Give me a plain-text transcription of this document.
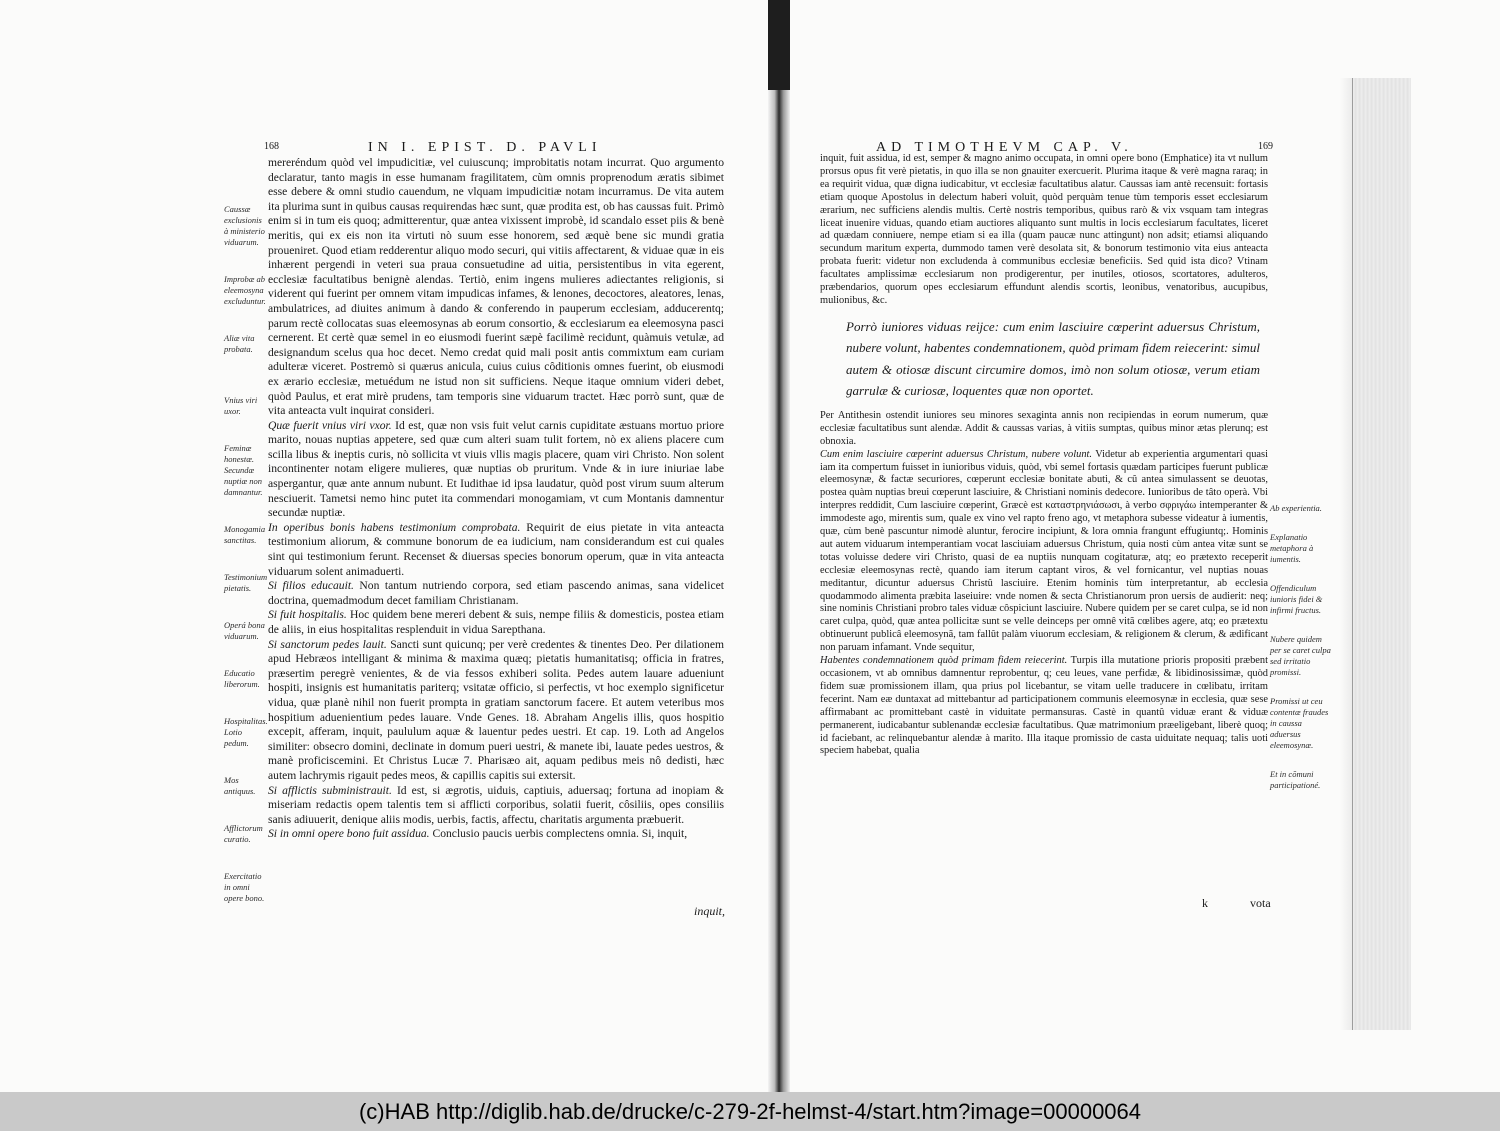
168	IN I. EPIST. D. PAVLI

Caussæ exclusionis à ministerio viduarum.

Improbæ ab eleemosyna excluduntur.

Aliæ vita probata.

Vnius viri uxor.

Feminæ honestæ. Secundæ nuptiæ non damnantur.

Monogamia sanctitas.

Testimonium pietatis.

Operá bona viduarum.

Educatio liberorum.

Hospitalitas. Lotio pedum.

Mos antiquus.

Afflictorum curatio.

Exercitatio in omni opere bono.

mereréndum quòd vel impudicitiæ, vel cuiuscunq; improbitatis notam incurrat. Quo argumento declaratur, tanto magis in esse humanam fragilitatem, cùm omnis proprenodum æratis sibimet esse debere & omni studio cauendum, ne vlquam impudicitiæ notam incurramus. De vita autem ita plurima sunt in quibus causas requirendas hæc sunt, quæ prodita est, ob has caussas fuit. Primò enim si in tum eis quoq; admitterentur, quæ antea vixissent improbè, id scandalo esset piis & benè meritis, qui ex eis non ita virtuti nò suum esse honorem, sed æquè bene sic mundi gratia proueniret. Quod etiam redderentur aliquo modo securi, qui vitiis affectarent, & viduae quæ in eis inhærent pergendi in veteri sua praua consuetudine ad uitia, persistentibus in vita egerent, ecclesiæ facultatibus benignè alendas. Tertiò, enim ingens mulieres adiectantes religionis, si viderent qui fuerint per omnem vitam impudicas infames, & lenones, decoctores, aleatores, lenas, ambulatrices, ad diuites animum à dando & conferendo in pauperum ecclesiam, adducerentq; parum rectè collocatas suas eleemosynas ab eorum consortio, & ecclesiarum ea eleemosyna pasci cernerent. Et certè quæ semel in eo eiusmodi fuerint sæpè facilimè recidunt, quàmuis vetulæ, ad designandum scelus qua hoc decet. Nemo credat quid mali posit antis commixtum eam curiam adulteræ viceret. Postremò si quærus anicula, cuius cuius côditionis omnes fuerint, ob eiusmodi ex ærario ecclesiæ, metuédum ne istud non sit sufficiens. Neque itaque omnium videri debet, quòd Paulus, et erat mirè prudens, tam temporis sine viduarum tractet. Hæc porrò sunt, quæ de vita anteacta vult inquirat consideri.

Quæ fuerit vnius viri vxor. Id est, quæ non vsis fuit velut carnis cupiditate æstuans mortuo priore marito, nouas nuptias appetere, sed quæ cum alteri suam tulit fortem, nò ex aliens placere cum scilla libus & ineptis curis, nò sollicita vt viuis vllis magis placere, quam viri Christo. Non solent incontinenter notam eligere mulieres, quæ nuptias ob pruritum. Vnde & in iure iniuriae labe aspergantur, quæ ante annum nubunt. Et Iudithae id ipsa laudatur, quòd post virum suum alterum nesciuerit. Tametsi nemo hinc putet ita commendari monogamiam, vt cum Montanis damnentur secundæ nuptiæ.

In operibus bonis habens testimonium comprobata. Requirit de eius pietate in vita anteacta testimonium aliorum, & commune bonorum de ea iudicium, nam considerandum est cui quales sint qui testimonium ferunt. Recenset & diuersas species bonorum operum, quæ in vita anteacta viduarum solent animaduerti.

Si filios educauit. Non tantum nutriendo corpora, sed etiam pascendo animas, sana videlicet doctrina, quemadmodum decet familiam Christianam.

Si fuit hospitalis. Hoc quidem bene mereri debent & suis, nempe filiis & domesticis, postea etiam de aliis, in eius hospitalitas resplenduit in vidua Sarepthana.

Si sanctorum pedes lauit. Sancti sunt quicunq; per verè credentes & tinentes Deo. Per dilationem apud Hebræos intelligant & minima & maxima quæq; pietatis humanitatisq; officia in fratres, præsertim peregrè venientes, & de via fessos exhiberi solita. Pedes autem lauare adueniunt hospiti, insignis est humanitatis pariterq; vsitatæ officio, si perfectis, vt hoc exemplo significetur vidua, quæ planè nihil non fuerit prompta in gratiam sanctorum facere. Et autem veteribus mos hospitium aduenientium pedes lauare. Vnde Genes. 18. Abraham Angelis illis, quos hospitio excepit, afferam, inquit, paululum aquæ & lauentur pedes uestri. Et cap. 19. Loth ad Angelos similiter: obsecro domini, declinate in domum pueri uestri, & manete ibi, lauate pedes uestros, & manè proficiscemini. Et Christus Lucæ 7. Pharisæo ait, aquam pedibus meis nô dedisti, hæc autem lachrymis rigauit pedes meos, & capillis capitis sui extersit.

Si afflictis subministrauit. Id est, si ægrotis, uiduis, captiuis, aduersaq; fortuna ad inopiam & miseriam redactis opem talentis tem si afflicti corporibus, solatii fuerit, côsiliis, opes consiliis sanis adiuuerit, denique aliis modis, uerbis, factis, affectu, charitatis argumenta præbuerit.

Si in omni opere bono fuit assidua. Conclusio paucis uerbis complectens omnia. Si, inquit,

inquit,
AD TIMOTHEVM CAP. V.	169

inquit, fuit assidua, id est, semper & magno animo occupata, in omni opere bono (Emphatice) ita vt nullum prorsus opus fit verè pietatis, in quo illa se non gnauiter exercuerit. Plurima itaque & verè magna raraq; in ea requirit vidua, quæ digna iudicabitur, vt ecclesiæ facultatibus alatur. Caussas iam antè recensuit: fortasis etiam quoque Apostolus in delectum haberi voluit, quòd perquàm tenue tùm temporis esset ecclesiarum ærarium, nec sufficiens alendis multis. Certè nostris temporibus, quibus rarò & vix vsquam tam integras liceat inuenire viduas, quando etiam auctiores aliquanto sunt multis in locis ecclesiarum facultates, liceret ad quædam conniuere, nempe etiam si ea illa (quam paucæ nunc attingunt) non adsit; etiamsi aliquando secundum maritum experta, dummodo tamen verè desolata sit, & bonorum testimonio vita eius anteacta probata fuerit: videtur non excludenda à communibus ecclesiæ beneficiis. Sed quid ista dico? Vtinam facultates amplissimæ ecclesiarum non prodigerentur, per inutiles, otiosos, scortatores, adulteros, præbendarios, quorum opes ecclesiarum effundunt alendis scortis, leonibus, venatoribus, aucupibus, mulionibus, &c.

Porrò iuniores viduas reijce: cum enim lasciuire cœperint aduersus Christum, nubere volunt, habentes condemnationem, quòd primam fidem reiecerint: simul autem & otiosæ discunt circumire domos, imò non solum otiosæ, verum etiam garrulæ & curiosæ, loquentes quæ non oportet.

Per Antithesin ostendit iuniores seu minores sexaginta annis non recipiendas in eorum numerum, quæ ecclesiæ facultatibus sunt alendæ. Addit & caussas varias, à vitiis sumptas, quibus minor ætas plerunq; est obnoxia.

Cum enim lasciuire cœperint aduersus Christum, nubere volunt. Videtur ab experientia argumentari quasi iam ita compertum fuisset in iunioribus viduis, quòd, vbi semel fortasis quædam participes fuerunt publicæ eleemosynæ, & factæ securiores, cœperunt ecclesiæ bonitate abuti, & cû antea simulassent se deuotas, postea quàm nuptias breui cœperunt lasciuire, & Christiani nominis dedecore. Iunioribus de tâto operà. Vbi interpres reddidit, Cum lasciuire cœperint, Græcè est καταστρηνιάσωσι, à verbo σφριγάω intemperanter & immodeste ago, mirentis sum, quale ex vino vel rapto freno ago, vt metaphora subesse videatur à iumentis, quæ, cùm benè pascuntur nimodè aluntur, ferocire incipiunt, & lora omnia frangunt effugiuntq;. Hominis aut autem viduarum intemperantiam vocat lasciuiam aduersus Christum, quia nosti cùm antea vitæ sunt se totas voluisse dedere viri Christo, quasi de ea nuptiis nunquam cogitaturæ, atq; eo prætexto receperit ecclesiæ eleemosynas rectè, quando iam iterum captant viros, & vel fornicantur, vel nuptias nouas meditantur, dicuntur aduersus Christû lasciuire. Etenim hominis tùm interpretantur, ab ecclesia quodammodo alimenta præbita laseiuire: vnde nomen & secta Christianorum pron uersis de audierit: neq; sine nominis Christiani probro tales viduæ côspiciunt lasciuire. Nubere quidem per se caret culpa, se id non caret culpa, quòd, quæ antea pollicitæ sunt se velle deinceps per omnê vitã cœlibes agere, atq; eo prætextu obtinuerunt publicâ eleemosynã, tam fallût palàm viuorum ecclesiam, & religionem & clerum, & ædificant non paruam infamant. Vnde sequitur,

Habentes condemnationem quòd primam fidem reiecerint. Turpis illa mutatione prioris propositi præbent occasionem, vt ab omnibus damnentur reprobentur, q; ceu leues, vane perfidæ, & libidinosissimæ, quòd fidem suæ promissionem illam, qua prius pol licebantur, se vitam uelle traducere in cœlibatu, irritam fecerint. Nam eæ duntaxat ad mittebantur ad participationem communis eleemosynæ in ecclesia, quæ sese affirmabant ac promittebant castè in viduitate permansuras. Castè in quantû viduæ erant & viduæ permanerent, iudicabantur sublenandæ ecclesiæ facultatibus. Quæ matrimonium præeligebant, liberè quoq; id faciebant, ac relinquebantur alendæ à marito. Illa itaque promissio de casta uiduitate nequaq; talis uoti speciem habebat, qualia

Ab experientia.

Explanatio metaphora à iumentis.

Offendiculum iunioris fidei & infirmi fructus.

Nubere quidem per se caret culpa sed irritatio promissi.

Promissi ut ceu contentæ fraudes in caussa aduersus eleemosynæ.

Et in cõmuni participationé.

k	vota
(c)HAB http://diglib.hab.de/drucke/c-279-2f-helmst-4/start.htm?image=00000064
